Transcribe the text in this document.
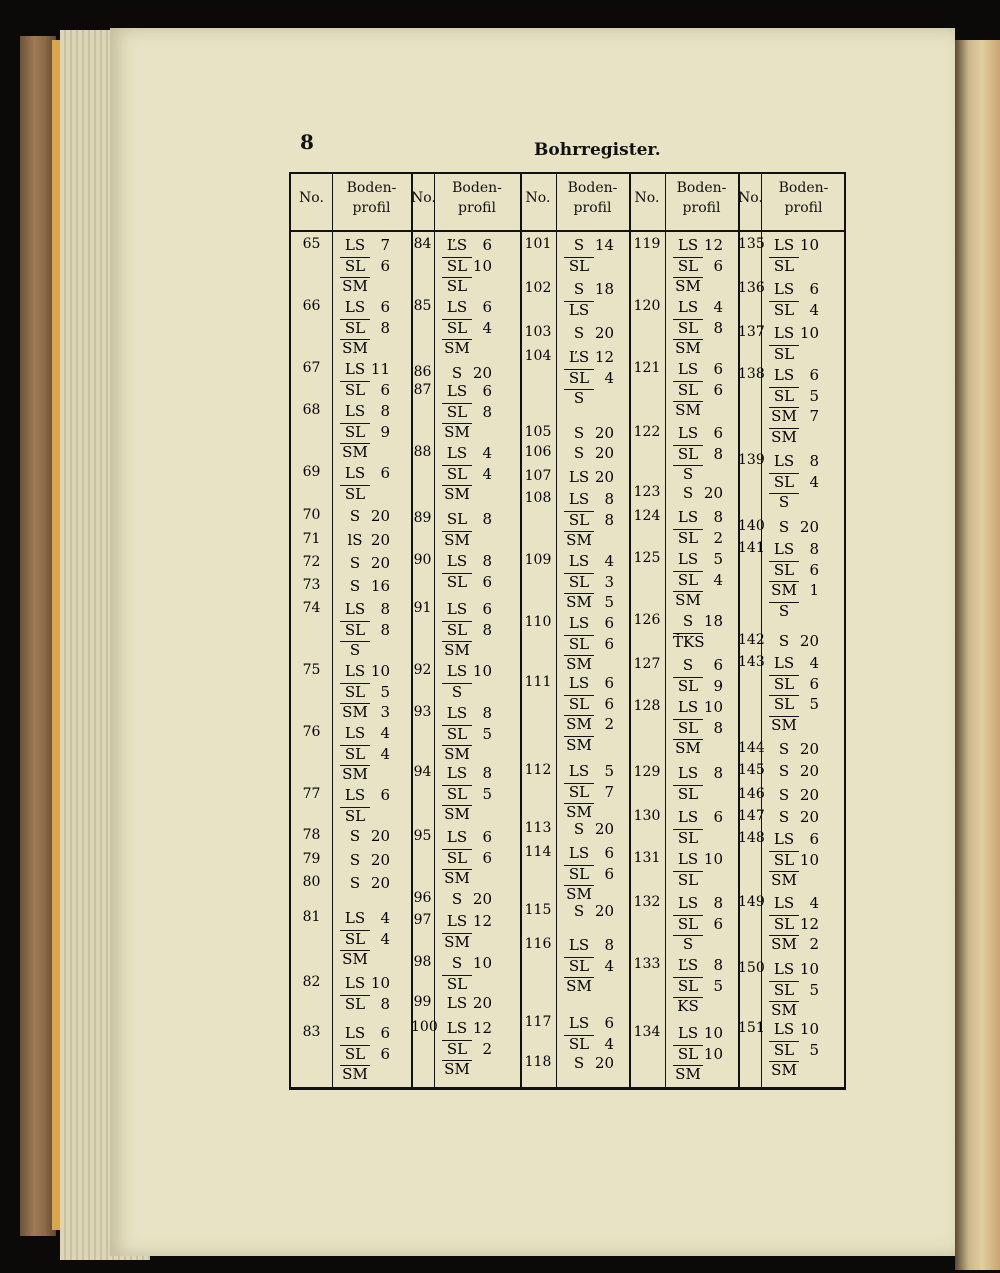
8	Bohrregister.
No.
Boden-
profil
65	LS 7
SL 6
SM
66	LS 6
SL 8
SM
67	LS 11
SL 6
68	LS 8
SL 9
SM
69	LS 6
SL
70	S 20
71	lS 20
72	S 20
73	S 16
74	LS 8
SL 8
S
75	LS 10
SL 5
SM 3
76	LS 4
SL 4
SM
77	LS 6
SL
78	S 20
79	S 20
80	S 20
81	LS 4
SL 4
SM
82	LS 10
SL 8
83	LS 6
SL 6
SM
No.
Boden-
profil
84	ĽS 6
SL 10
SL
85	LS 6
SL 4
SM
86	S 20
87	LS 6
SL 8
SM
88	LS 4
SL 4
SM
89	SL 8
SM
90	LS 8
SL 6
91	LS 6
SL 8
SM
92	LS 10
S
93	LS 8
SL 5
SM
94	LS 8
SL 5
SM
95	LS 6
SL 6
SM
96	S 20
97	LS 12
SM
98	S 10
SL
99	LS 20
100 LS 12
SL 2
SM
No.
Boden-
profil
101	S 14
SL
102	S 18
LS
103	S 20
104	ĽS 12
SL 4
S
105	S 20
106	S 20
107	LS 20
108	LS 8
SL 8
SM
109	LS 4
SL 3
SM 5
110	LS 6
SL 6
SM
111	LS 6
SL 6
SM 2
SM
112	LS 5
SL 7
SM
113	S 20
114	LS 6
SL 6
SM
115	S 20
116	LS 8
SL 4
SM
117	LS 6
SL 4
118	S 20
No.
Boden-
profil
119	LS 12
SL 6
SM
120	LS 4
SL 8
SM
121	LS 6
SL 6
SM
122	LS 6
SL 8
S
123	S 20
124	LS 8
SL 2
125	LS 5
SL 4
SM
126	S 18
ŤKS
127	S 6
SL 9
128	LS 10
SL 8
SM
129	LS 8
SL
130	LS 6
SL
131	LS 10
SL
132	LS 8
SL 6
S
133	ĽS 8
SL 5
KS
134	LS 10
SL 10
SM
No.
Boden-
profil
135 LS 10
SL
136 LS 6
SL 4
137 LS 10
SL
138 LS 6
SL 5
SM 7
SM
139 LS 8
SL 4
S
140 S 20
141 LS 8
SL 6
SM 1
S
142 S 20
143 LS 4
SL 6
SL 5
SM
144 S 20
145 S 20
146 S 20
147 S 20
148 LS 6
SL 10
SM
149 LS 4
SL 12
SM 2
150 LS 10
SL 5
SM
151 LS 10
SL 5
SM
